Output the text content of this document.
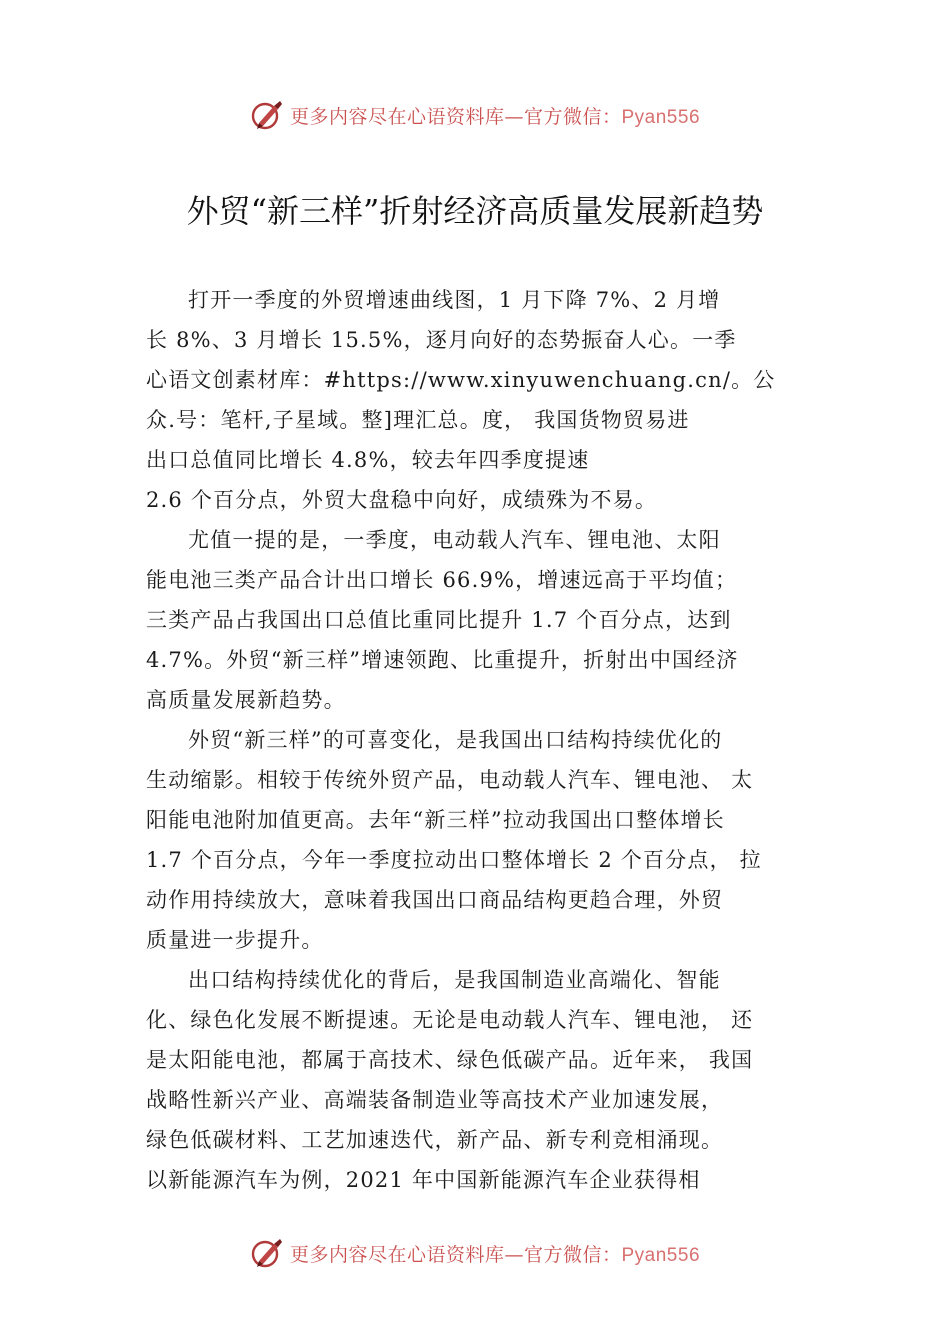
更多内容尽在心语资料库—官方微信：Pyan556
外贸“新三样”折射经济高质量发展新趋势

打开一季度的外贸增速曲线图，1 月下降 7%、2 月增
长 8%、3 月增长 15.5%，逐月向好的态势振奋人心。一季
心语文创素材库：#https://www.xinyuwenchuang.cn/。公
众.号：笔杆,子星域。整]理汇总。度， 我国货物贸易进
出口总值同比增长 4.8%，较去年四季度提速
2.6 个百分点，外贸大盘稳中向好，成绩殊为不易。

尤值一提的是，一季度，电动载人汽车、锂电池、太阳
能电池三类产品合计出口增长 66.9%，增速远高于平均值；
三类产品占我国出口总值比重同比提升 1.7 个百分点，达到
4.7%。外贸“新三样”增速领跑、比重提升，折射出中国经济
高质量发展新趋势。

外贸“新三样”的可喜变化，是我国出口结构持续优化的
生动缩影。相较于传统外贸产品，电动载人汽车、锂电池、 太
阳能电池附加值更高。去年“新三样”拉动我国出口整体增长
1.7 个百分点，今年一季度拉动出口整体增长 2 个百分点， 拉
动作用持续放大，意味着我国出口商品结构更趋合理，外贸
质量进一步提升。

出口结构持续优化的背后，是我国制造业高端化、智能
化、绿色化发展不断提速。无论是电动载人汽车、锂电池， 还
是太阳能电池，都属于高技术、绿色低碳产品。近年来， 我国
战略性新兴产业、高端装备制造业等高技术产业加速发展，
绿色低碳材料、工艺加速迭代，新产品、新专利竞相涌现。
以新能源汽车为例，2021 年中国新能源汽车企业获得相

更多内容尽在心语资料库—官方微信：Pyan556
